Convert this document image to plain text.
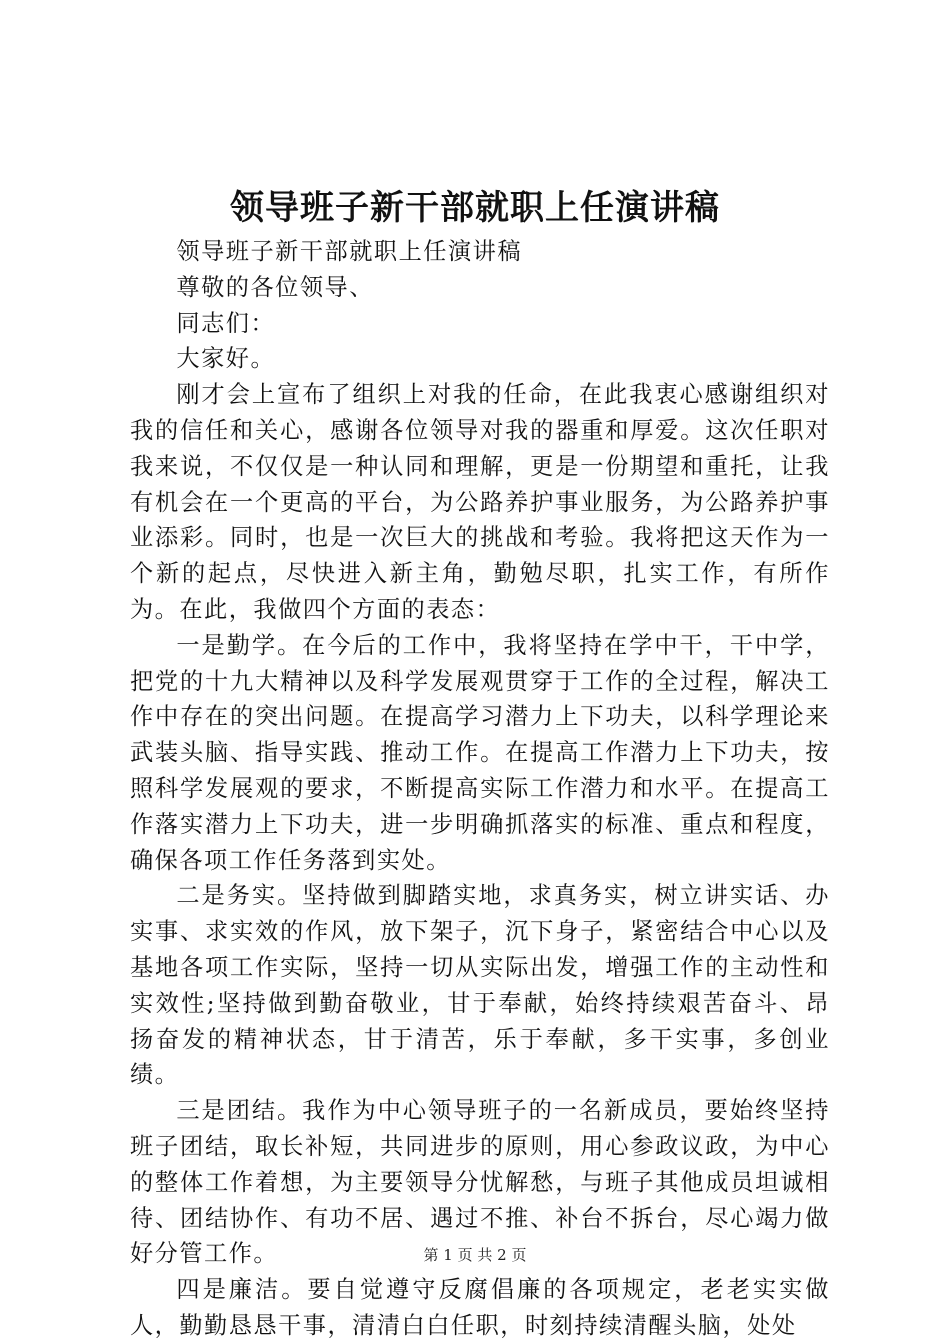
领导班子新干部就职上任演讲稿

领导班子新干部就职上任演讲稿

尊敬的各位领导、

同志们：

大家好。

刚才会上宣布了组织上对我的任命，在此我衷心感谢组织对我的信任和关心，感谢各位领导对我的器重和厚爱。这次任职对我来说，不仅仅是一种认同和理解，更是一份期望和重托，让我有机会在一个更高的平台，为公路养护事业服务，为公路养护事业添彩。同时，也是一次巨大的挑战和考验。我将把这天作为一个新的起点，尽快进入新主角，勤勉尽职，扎实工作，有所作为。在此，我做四个方面的表态：

一是勤学。在今后的工作中，我将坚持在学中干，干中学，把党的十九大精神以及科学发展观贯穿于工作的全过程，解决工作中存在的突出问题。在提高学习潜力上下功夫，以科学理论来武装头脑、指导实践、推动工作。在提高工作潜力上下功夫，按照科学发展观的要求，不断提高实际工作潜力和水平。在提高工作落实潜力上下功夫，进一步明确抓落实的标准、重点和程度，确保各项工作任务落到实处。

二是务实。坚持做到脚踏实地，求真务实，树立讲实话、办实事、求实效的作风，放下架子，沉下身子，紧密结合中心以及基地各项工作实际，坚持一切从实际出发，增强工作的主动性和实效性;坚持做到勤奋敬业，甘于奉献，始终持续艰苦奋斗、昂扬奋发的精神状态，甘于清苦，乐于奉献，多干实事，多创业绩。

三是团结。我作为中心领导班子的一名新成员，要始终坚持班子团结，取长补短，共同进步的原则，用心参政议政，为中心的整体工作着想，为主要领导分忧解愁，与班子其他成员坦诚相待、团结协作、有功不居、遇过不推、补台不拆台，尽心竭力做好分管工作。

四是廉洁。要自觉遵守反腐倡廉的各项规定，老老实实做人，勤勤恳恳干事，清清白白任职，时刻持续清醒头脑，处处

第 1 页 共 2 页
